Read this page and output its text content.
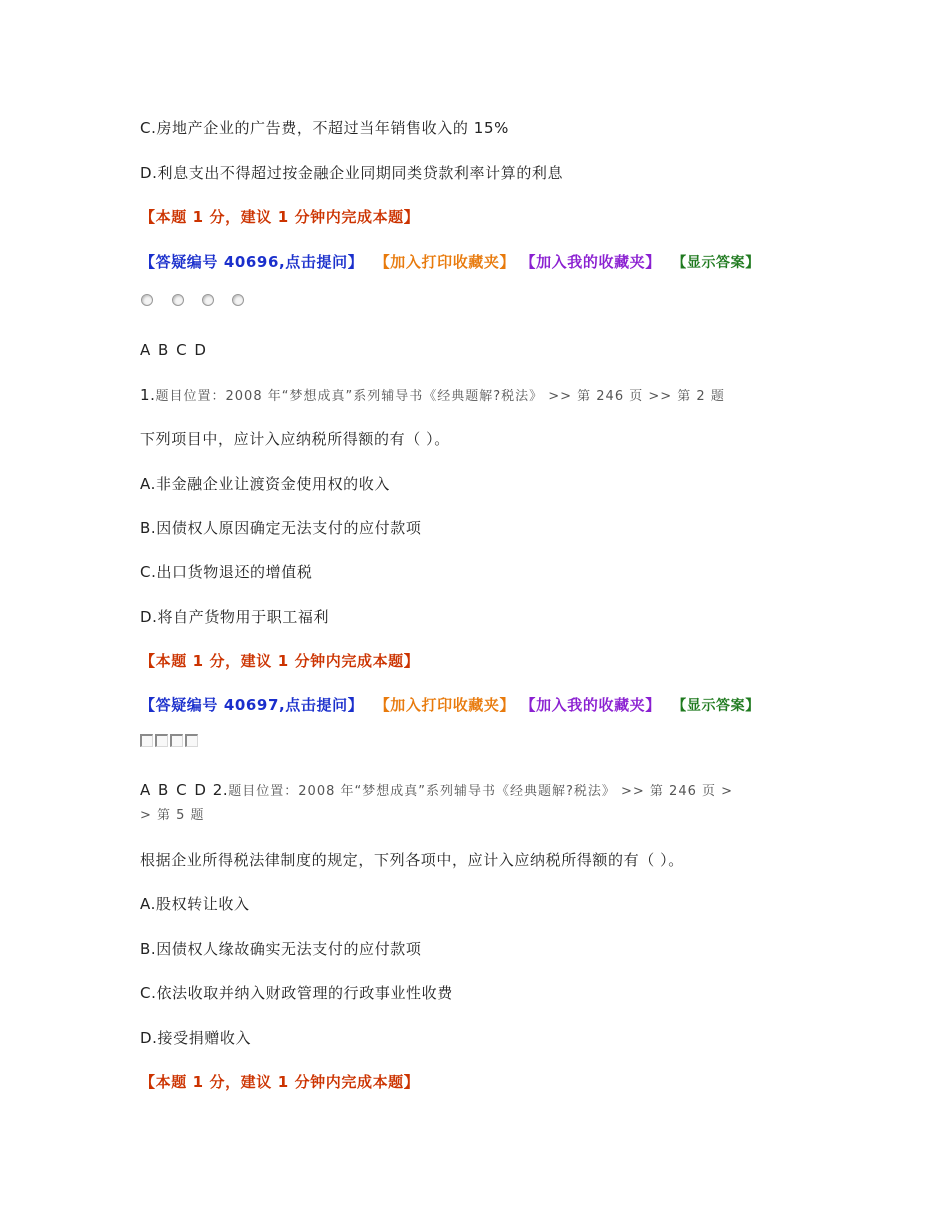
C.房地产企业的广告费，不超过当年销售收入的 15%
D.利息支出不得超过按金融企业同期同类贷款利率计算的利息
【本题 1 分，建议 1 分钟内完成本题】
【答疑编号 40696,点击提问】 【加入打印收藏夹】 【加入我的收藏夹】 【显示答案】
A B C D
1.题目位置：2008 年“梦想成真”系列辅导书《经典题解?税法》 >> 第 246 页 >> 第 2 题
下列项目中，应计入应纳税所得额的有（ ）。
A.非金融企业让渡资金使用权的收入
B.因债权人原因确定无法支付的应付款项
C.出口货物退还的增值税
D.将自产货物用于职工福利
【本题 1 分，建议 1 分钟内完成本题】
【答疑编号 40697,点击提问】 【加入打印收藏夹】 【加入我的收藏夹】 【显示答案】
A B C D 2.题目位置：2008 年“梦想成真”系列辅导书《经典题解?税法》 >> 第 246 页 >
> 第 5 题
根据企业所得税法律制度的规定，下列各项中，应计入应纳税所得额的有（ ）。
A.股权转让收入
B.因债权人缘故确实无法支付的应付款项
C.依法收取并纳入财政管理的行政事业性收费
D.接受捐赠收入
【本题 1 分，建议 1 分钟内完成本题】
